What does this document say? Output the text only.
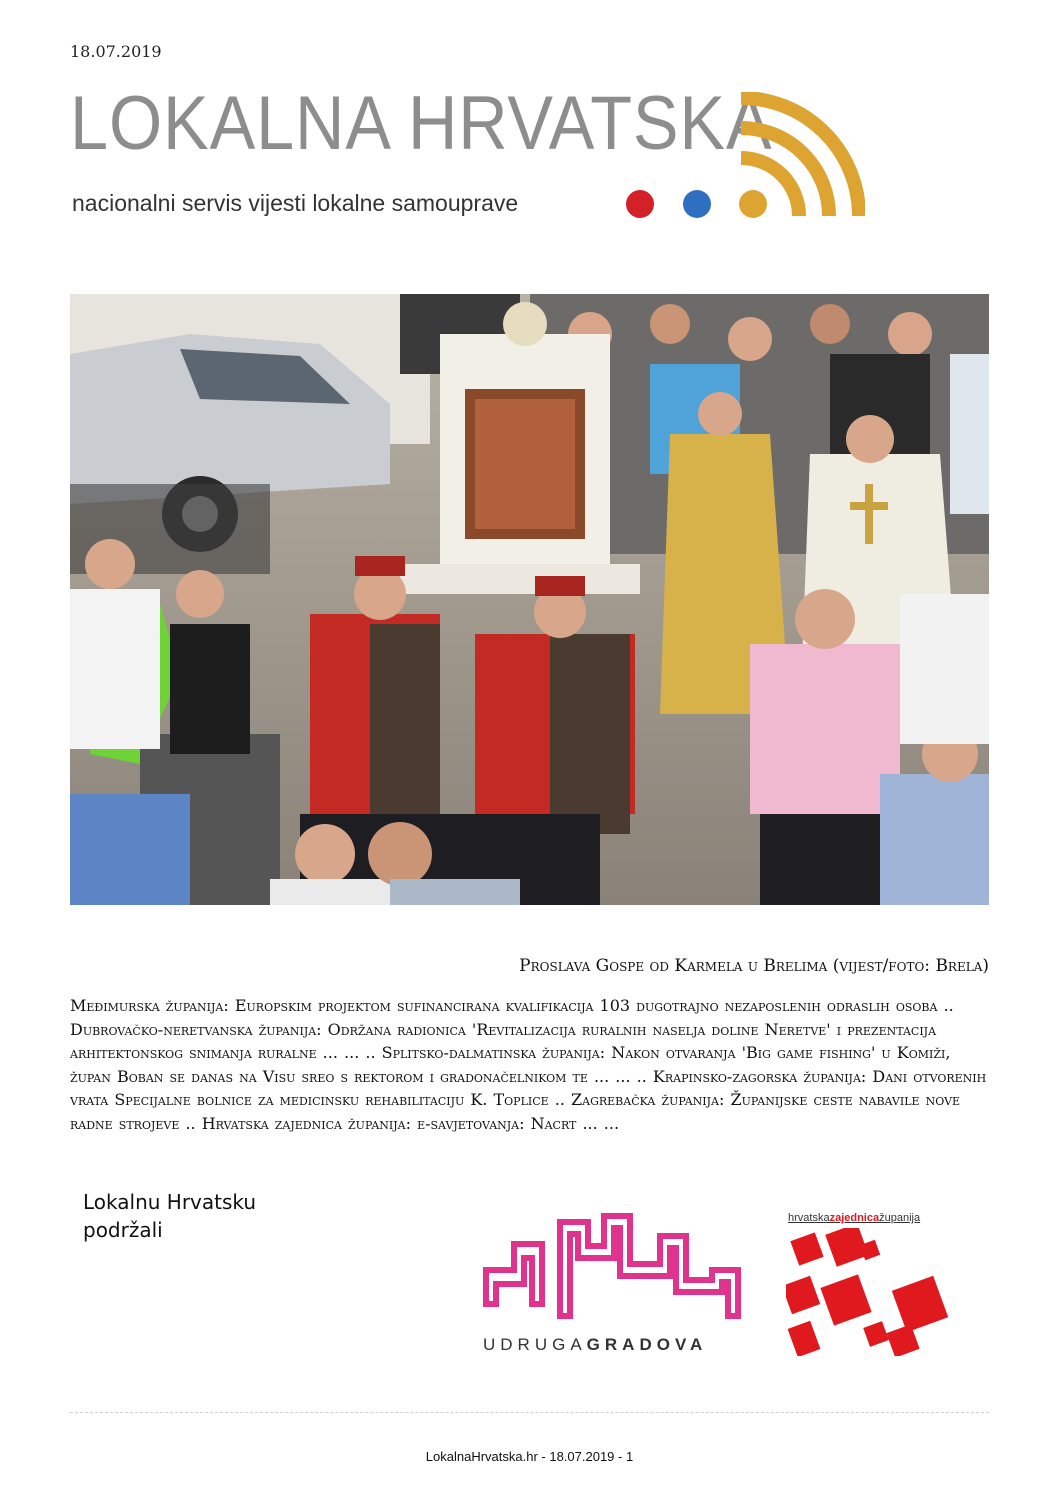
18.07.2019
LOKALNA HRVATSKA
nacionalni servis vijesti lokalne samouprave
Proslava Gospe od Karmela u Brelima (vijest/foto: Brela)
Međimurska županija: Europskim projektom sufinancirana kvalifikacija 103 dugotrajno nezaposlenih odraslih osoba .. Dubrovačko-neretvanska županija: Održana radionica 'Revitalizacija ruralnih naselja doline Neretve' i prezentacija arhitektonskog snimanja ruralne ... ... .. Splitsko-dalmatinska županija: Nakon otvaranja 'Big game fishing' u Komiži, župan Boban se danas na Visu sreo s rektorom i gradonačelnikom te ... ... .. Krapinsko-zagorska županija: Dani otvorenih vrata Specijalne bolnice za medicinsku rehabilitaciju K. Toplice .. Zagrebačka županija: Županijske ceste nabavile nove radne strojeve .. Hrvatska zajednica županija: e-savjetovanja: Nacrt ... ...
Lokalnu Hrvatsku
podržali
UDRUGAGRADOVA
hrvatskazajednicažupanija
LokalnaHrvatska.hr - 18.07.2019 - 1
